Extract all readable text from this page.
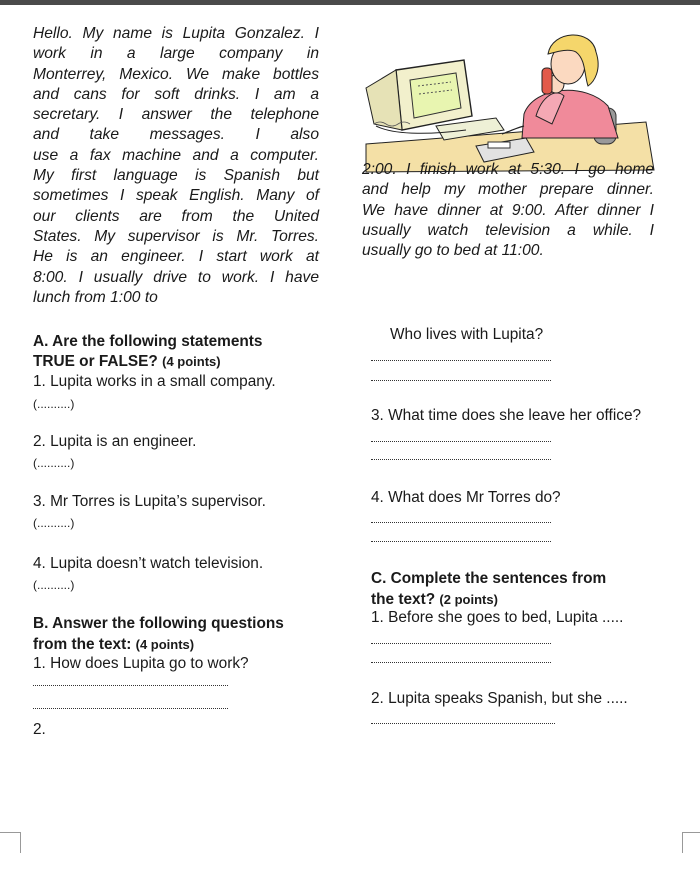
Hello. My name is Lupita Gonzalez. I
work in a large company in
Monterrey, Mexico. We make bottles
and cans for soft drinks. I am a
secretary. I answer the telephone
and take messages. I also
use a fax machine and a computer.
My first language is Spanish but
sometimes I speak English. Many of
our clients are from the United
States. My supervisor is Mr. Torres.
He is an engineer. I start work at
8:00. I usually drive to work. I have
lunch from 1:00 to
2:00. I finish work at 5:30. I go home
and help my mother prepare dinner.
We have dinner at 9:00. After dinner I
usually watch television a while. I
usually go to bed at 11:00.
A. Are the following statements
TRUE or FALSE? (4 points)
1. Lupita works in a small company.
(..........)
2. Lupita is an engineer.
(..........)
3. Mr Torres is Lupita’s supervisor.
(..........)
4. Lupita doesn’t watch television.
(..........)
B. Answer the following questions
from the text: (4 points)
1. How does Lupita go to work?
2.
Who lives with Lupita?
3. What time does she leave her office?
4. What does Mr Torres do?
C. Complete the sentences from
the text? (2 points)
1. Before she goes to bed, Lupita .....
2. Lupita speaks Spanish, but she .....
